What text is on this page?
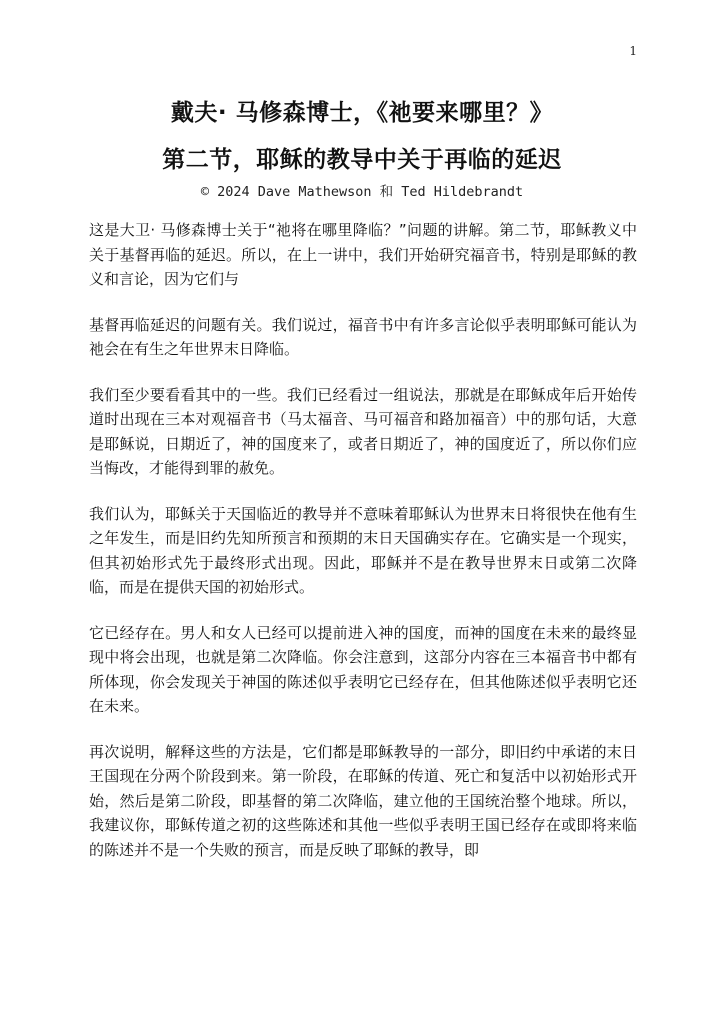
1
戴夫· 马修森博士，《祂要来哪里？》
第二节，耶稣的教导中关于再临的延迟
© 2024 Dave Mathewson 和 Ted Hildebrandt

这是大卫· 马修森博士关于“祂将在哪里降临？”问题的讲解。第二节，耶稣教义中关于基督再临的延迟。所以，在上一讲中，我们开始研究福音书，特别是耶稣的教义和言论，因为它们与

基督再临延迟的问题有关。我们说过，福音书中有许多言论似乎表明耶稣可能认为祂会在有生之年世界末日降临。

我们至少要看看其中的一些。我们已经看过一组说法，那就是在耶稣成年后开始传道时出现在三本对观福音书（马太福音、马可福音和路加福音）中的那句话，大意是耶稣说，日期近了，神的国度来了，或者日期近了，神的国度近了，所以你们应当悔改，才能得到罪的赦免。

我们认为，耶稣关于天国临近的教导并不意味着耶稣认为世界末日将很快在他有生之年发生，而是旧约先知所预言和预期的末日天国确实存在。它确实是一个现实，但其初始形式先于最终形式出现。因此，耶稣并不是在教导世界末日或第二次降临，而是在提供天国的初始形式。

它已经存在。男人和女人已经可以提前进入神的国度，而神的国度在未来的最终显现中将会出现，也就是第二次降临。你会注意到，这部分内容在三本福音书中都有所体现，你会发现关于神国的陈述似乎表明它已经存在，但其他陈述似乎表明它还在未来。

再次说明，解释这些的方法是，它们都是耶稣教导的一部分，即旧约中承诺的末日王国现在分两个阶段到来。第一阶段，在耶稣的传道、死亡和复活中以初始形式开始，然后是第二阶段，即基督的第二次降临，建立他的王国统治整个地球。所以，我建议你，耶稣传道之初的这些陈述和其他一些似乎表明王国已经存在或即将来临的陈述并不是一个失败的预言，而是反映了耶稣的教导，即
